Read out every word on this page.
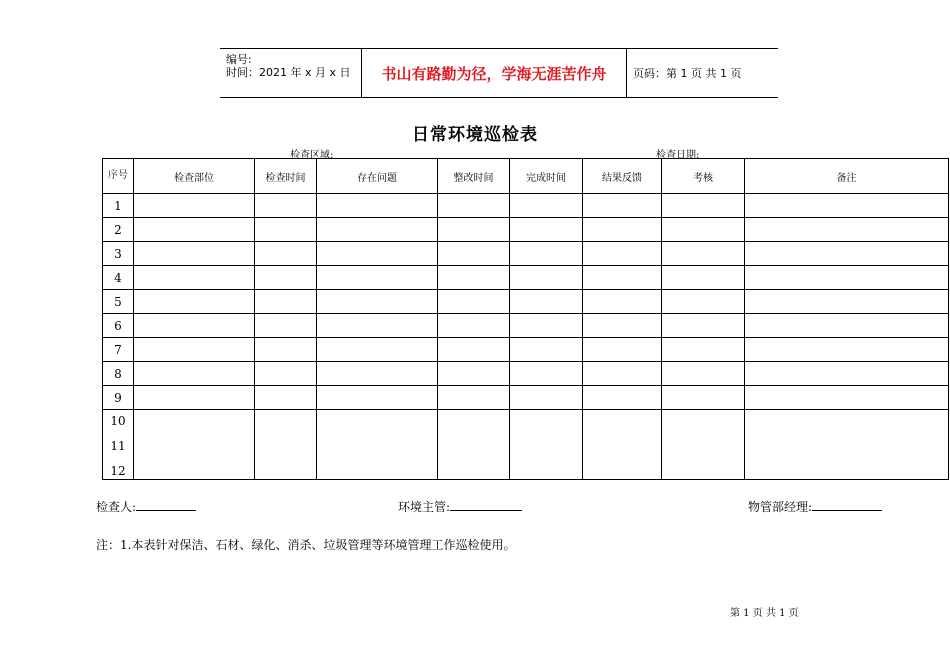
编号:
时间：2021 年 x 月 x 日	书山有路勤为径，学海无涯苦作舟	页码：第 1 页 共 1 页
日常环境巡检表
检查区域:	检查日期:
序号	检查部位	检查时间	存在问题	整改时间	完成时间	结果反馈	考核	备注
1								
2								
3								
4								
5								
6								
7								
8								
9								

10
11
12								

检查人:	环境主管:	物管部经理:
注：1.本表针对保洁、石材、绿化、消杀、垃圾管理等环境管理工作巡检使用。
第 1 页 共 1 页
